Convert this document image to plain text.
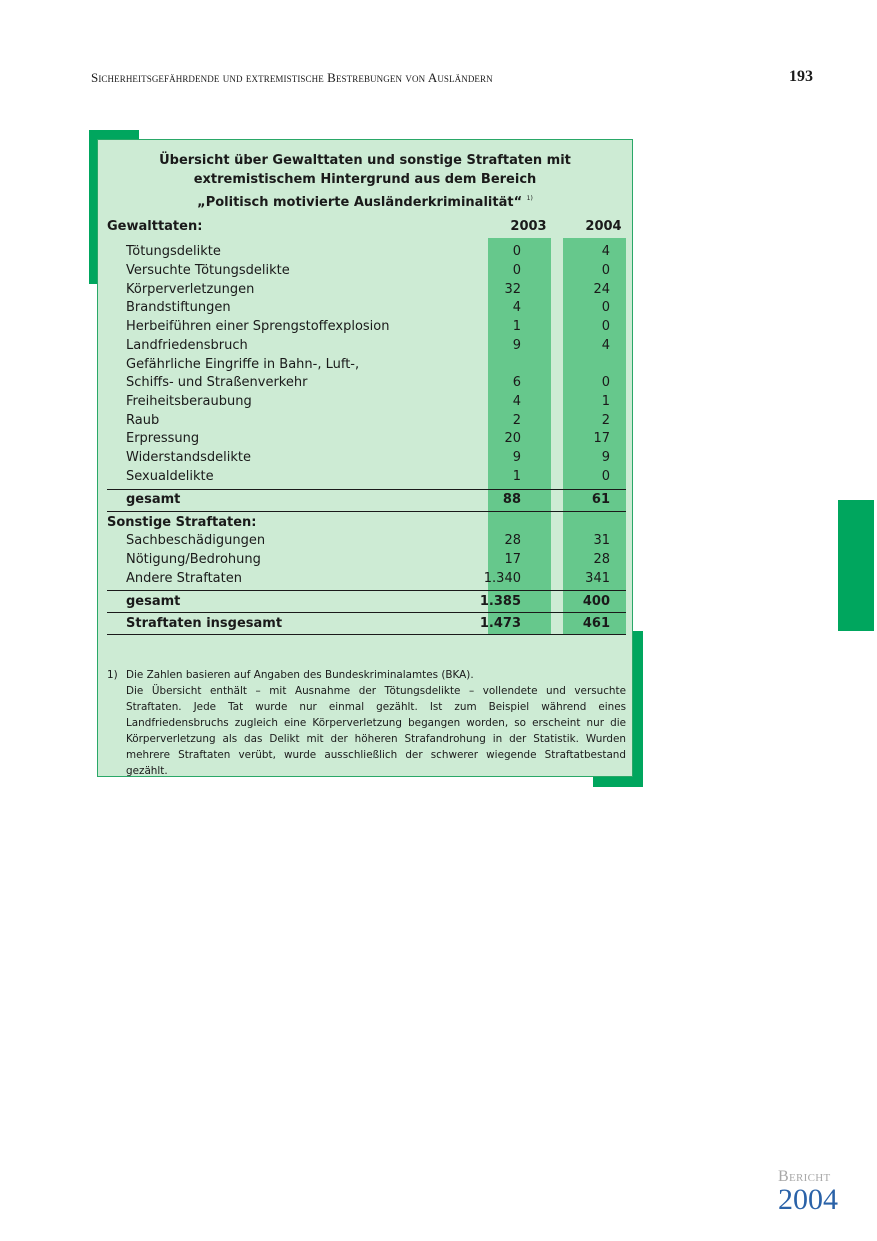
Sicherheitsgefährdende und extremistische Bestrebungen von Ausländern	193
Übersicht über Gewalttaten und sonstige Straftaten mit
extremistischem Hintergrund aus dem Bereich
„Politisch motivierte Ausländerkriminalität“ $^{1)}$
Gewalttaten:	2003	2004
Tötungsdelikte	0	4
Versuchte Tötungsdelikte	0	0
Körperverletzungen	32	24
Brandstiftungen	4	0
Herbeiführen einer Sprengstoffexplosion	1	0
Landfriedensbruch	9	4
Gefährliche Eingriffe in Bahn-, Luft-,
Schiffs- und Straßenverkehr	6	0
Freiheitsberaubung	4	1
Raub	2	2
Erpressung	20	17
Widerstandsdelikte	9	9
Sexualdelikte	1	0
gesamt	88	61
Sonstige Straftaten:
Sachbeschädigungen	28	31
Nötigung/Bedrohung	17	28
Andere Straftaten	1.340	341
gesamt	1.385	400
Straftaten insgesamt	1.473	461
1) Die Zahlen basieren auf Angaben des Bundeskriminalamtes (BKA).

Die Übersicht enthält – mit Ausnahme der Tötungsdelikte – vollendete und versuchte Straftaten. Jede Tat wurde nur einmal gezählt. Ist zum Beispiel während eines Landfriedensbruchs zugleich eine Körperverletzung begangen worden, so erscheint nur die Körperverletzung als das Delikt mit der höheren Strafandrohung in der Statistik. Wurden mehrere Straftaten verübt, wurde ausschließlich der schwerer wiegende Straftatbestand gezählt.

Bericht
2004
